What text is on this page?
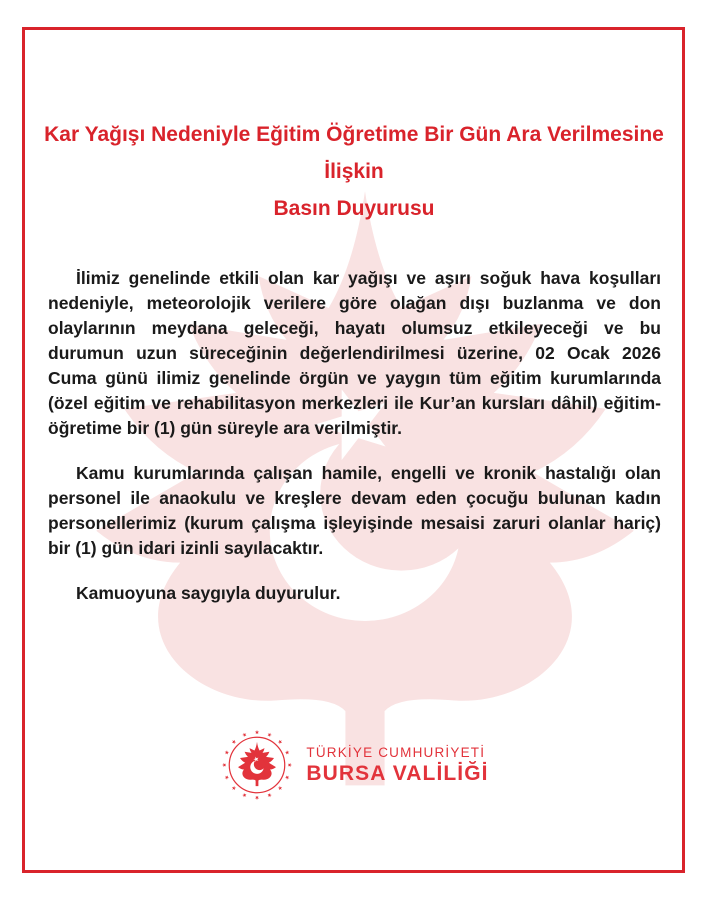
Kar Yağışı Nedeniyle Eğitim Öğretime Bir Gün Ara Verilmesine İlişkin
Basın Duyurusu

İlimiz genelinde etkili olan kar yağışı ve aşırı soğuk hava koşulları nedeniyle, meteorolojik verilere göre olağan dışı buzlanma ve don olaylarının meydana geleceği, hayatı olumsuz etkileyeceği ve bu durumun uzun süreceğinin değerlendirilmesi üzerine, 02 Ocak 2026 Cuma günü ilimiz genelinde örgün ve yaygın tüm eğitim kurumlarında (özel eğitim ve rehabilitasyon merkezleri ile Kur’an kursları dâhil) eğitim-öğretime bir (1) gün süreyle ara verilmiştir.

Kamu kurumlarında çalışan hamile, engelli ve kronik hastalığı olan personel ile anaokulu ve kreşlere devam eden çocuğu bulunan kadın personellerimiz (kurum çalışma işleyişinde mesaisi zaruri olanlar hariç) bir (1) gün idari izinli sayılacaktır.

Kamuoyuna saygıyla duyurulur.

TÜRKİYE CUMHURİYETİ
BURSA VALİLİĞİ
